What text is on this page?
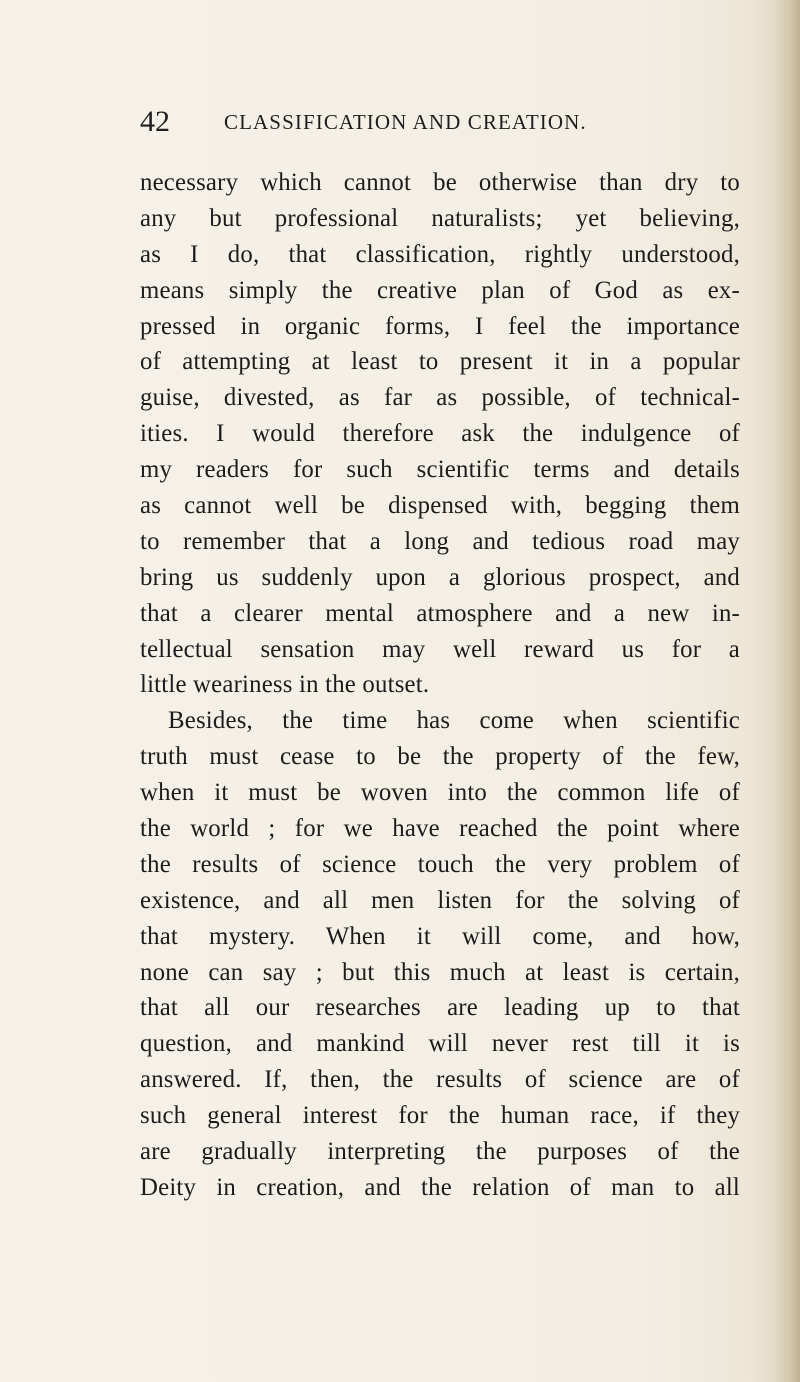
42	CLASSIFICATION AND CREATION.
necessary which cannot be otherwise than dry to
any but professional naturalists; yet believing,
as I do, that classification, rightly understood,
means simply the creative plan of God as ex-
pressed in organic forms, I feel the importance
of attempting at least to present it in a popular
guise, divested, as far as possible, of technical-
ities. I would therefore ask the indulgence of
my readers for such scientific terms and details
as cannot well be dispensed with, begging them
to remember that a long and tedious road may
bring us suddenly upon a glorious prospect, and
that a clearer mental atmosphere and a new in-
tellectual sensation may well reward us for a
little weariness in the outset.
Besides, the time has come when scientific
truth must cease to be the property of the few,
when it must be woven into the common life of
the world ; for we have reached the point where
the results of science touch the very problem of
existence, and all men listen for the solving of
that mystery. When it will come, and how,
none can say ; but this much at least is certain,
that all our researches are leading up to that
question, and mankind will never rest till it is
answered. If, then, the results of science are of
such general interest for the human race, if they
are gradually interpreting the purposes of the
Deity in creation, and the relation of man to all
